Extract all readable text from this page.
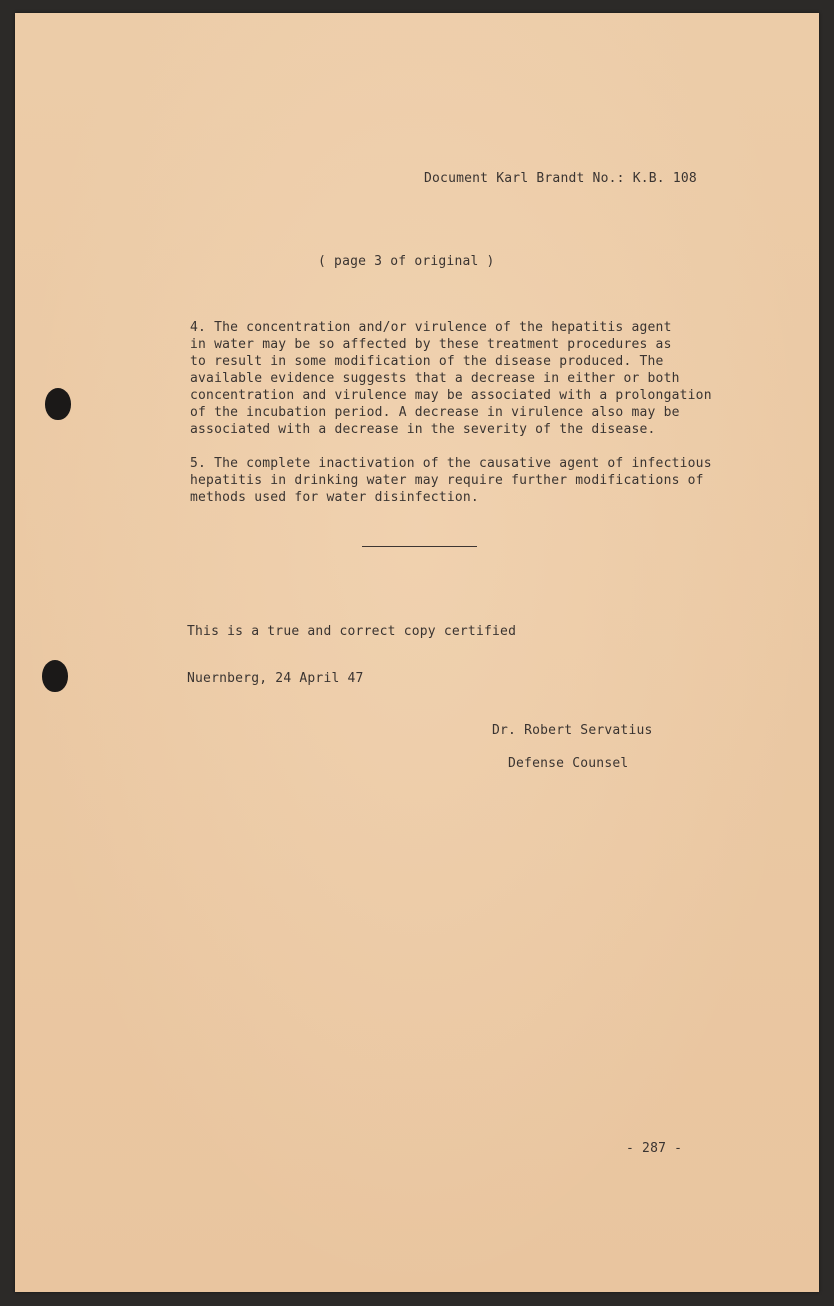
Document Karl Brandt No.: K.B. 108
( page 3 of original )
4. The concentration and/or virulence of the hepatitis agent
in water may be so affected by these treatment procedures as
to result in some modification of the disease produced. The
available evidence suggests that a decrease in either or both
concentration and virulence may be associated with a prolongation
of the incubation period. A decrease in virulence also may be
associated with a decrease in the severity of the disease.
5. The complete inactivation of the causative agent of infectious
hepatitis in drinking water may require further modifications of
methods used for water disinfection.
This is a true and correct copy certified
Nuernberg, 24 April 47
Dr. Robert Servatius
Defense Counsel
- 287 -
